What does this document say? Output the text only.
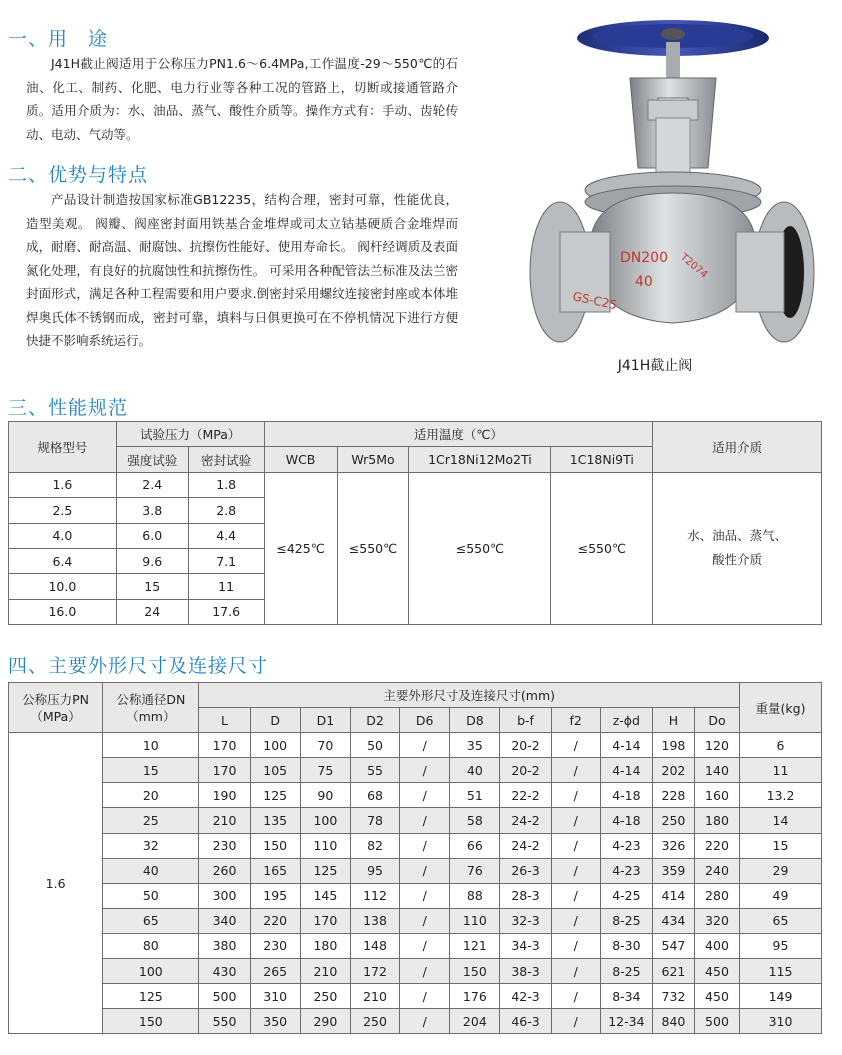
一、用　途

J41H截止阀适用于公称压力PN1.6～6.4MPa,工作温度-29～550℃的石油、化工、制药、化肥、电力行业等各种工况的管路上，切断或接通管路介质。适用介质为：水、油品、蒸气、酸性介质等。操作方式有：手动、齿轮传动、电动、气动等。

二、优势与特点

产品设计制造按国家标准GB12235，结构合理，密封可靠，性能优良，造型美观。 阀瓣、阀座密封面用铁基合金堆焊或司太立钴基硬质合金堆焊而成，耐磨、耐高温、耐腐蚀、抗擦伤性能好、使用寿命长。 阀杆经调质及表面氮化处理，有良好的抗腐蚀性和抗擦伤性。 可采用各种配管法兰标准及法兰密封面形式，满足各种工程需要和用户要求.倒密封采用螺纹连接密封座或本体堆焊奥氏体不锈钢而成，密封可靠，填料与日俱更换可在不停机情况下进行方便快捷不影响系统运行。

DN200
40
GS-C25
T2074
J41H截止阀
三、性能规范
规格型号	试验压力（MPa）		适用温度（℃）				适用介质
	强度试验	密封试验	WCB	Wr5Mo	1Cr18Ni12Mo2Ti	1C18Ni9Ti	
1.6	2.4	1.8	≤425℃	≤550℃	≤550℃	≤550℃	水、油品、蒸气、
酸性介质
2.5	3.8	2.8					
4.0	6.0	4.4					
6.4	9.6	7.1					
10.0	15	11					
16.0	24	17.6					
四、主要外形尺寸及连接尺寸
公称压力PN
（MPa）	公称通径DN
（mm）	主要外形尺寸及连接尺寸(mm)											重量(kg)
		L	D	D1	D2	D6	D8	b-f	f2	z-ϕd	H	Do	
1.6	10	170	100	70	50	/	35	20-2	/	4-14	198	120	6
	15	170	105	75	55	/	40	20-2	/	4-14	202	140	11
	20	190	125	90	68	/	51	22-2	/	4-18	228	160	13.2
	25	210	135	100	78	/	58	24-2	/	4-18	250	180	14
	32	230	150	110	82	/	66	24-2	/	4-23	326	220	15
	40	260	165	125	95	/	76	26-3	/	4-23	359	240	29
	50	300	195	145	112	/	88	28-3	/	4-25	414	280	49
	65	340	220	170	138	/	110	32-3	/	8-25	434	320	65
	80	380	230	180	148	/	121	34-3	/	8-30	547	400	95
	100	430	265	210	172	/	150	38-3	/	8-25	621	450	115
	125	500	310	250	210	/	176	42-3	/	8-34	732	450	149
	150	550	350	290	250	/	204	46-3	/	12-34	840	500	310
